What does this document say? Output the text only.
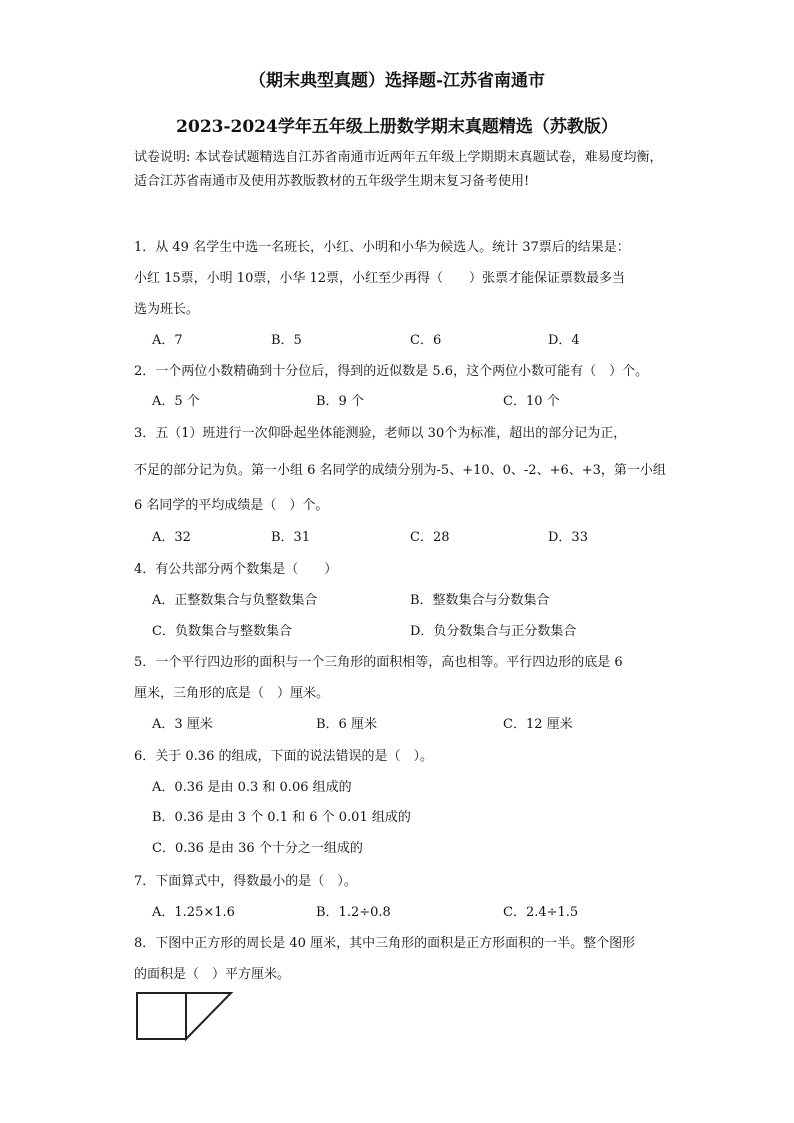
（期末典型真题）选择题-江苏省南通市
2023-2024学年五年级上册数学期末真题精选（苏教版）
试卷说明: 本试卷试题精选自江苏省南通市近两年五年级上学期期末真题试卷，难易度均衡，适合江苏省南通市及使用苏教版教材的五年级学生期末复习备考使用!
1．从 49 名学生中选一名班长，小红、小明和小华为候选人。统计 37票后的结果是：
小红 15票，小明 10票，小华 12票，小红至少再得（　　）张票才能保证票数最多当
选为班长。
A．7	B．5	C．6	D．4
2．一个两位小数精确到十分位后，得到的近似数是 5.6，这个两位小数可能有（　）个。
A．5 个	B．9 个	C．10 个
3．五（1）班进行一次仰卧起坐体能测验，老师以 30个为标准，超出的部分记为正，
不足的部分记为负。第一小组 6 名同学的成绩分别为-5、+10、0、-2、+6、+3，第一小组
6 名同学的平均成绩是（　）个。
A．32	B．31	C．28	D．33
4．有公共部分两个数集是（　　）
A．正整数集合与负整数集合	B．整数集合与分数集合
C．负数集合与整数集合	D．负分数集合与正分数集合
5．一个平行四边形的面积与一个三角形的面积相等，高也相等。平行四边形的底是 6
厘米，三角形的底是（　）厘米。
A．3 厘米	B．6 厘米	C．12 厘米
6．关于 0.36 的组成，下面的说法错误的是（　）。
A．0.36 是由 0.3 和 0.06 组成的
B．0.36 是由 3 个 0.1 和 6 个 0.01 组成的
C．0.36 是由 36 个十分之一组成的
7．下面算式中，得数最小的是（　）。
A．1.25×1.6	B．1.2÷0.8	C．2.4÷1.5
8．下图中正方形的周长是 40 厘米，其中三角形的面积是正方形面积的一半。整个图形
的面积是（　）平方厘米。
